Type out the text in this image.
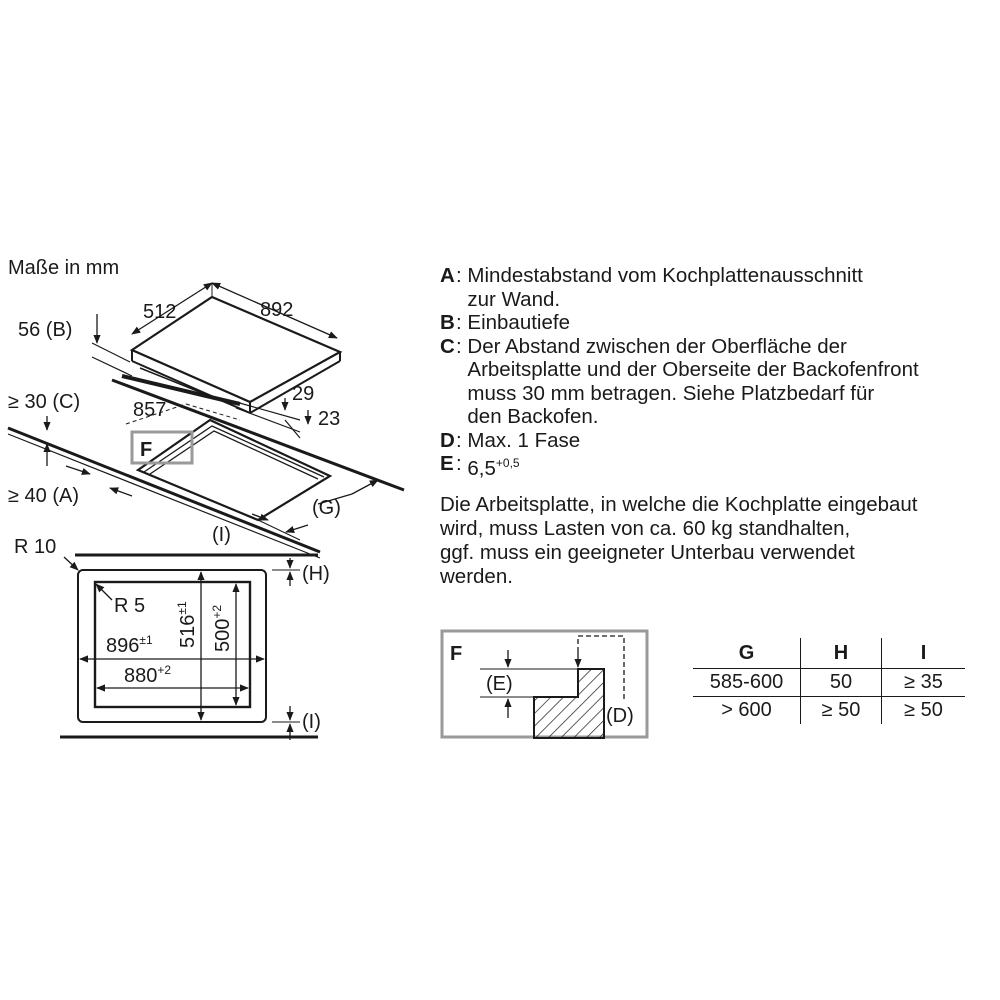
Maße in mm
512	892
56 (B)
≥ 30 (C)	857
29
23
F
≥ 40 (A)
(G)
(I)
R 10
R 5
(H)
(I)
$896^{\pm 1}$
$880^{+2}$
$516^{\pm 1}$
$500^{+2}$
F
(E)
(D)
A : Mindestabstand vom Kochplattenausschnitt
zur Wand.
B : Einbautiefe
C : Der Abstand zwischen der Oberfläche der
Arbeitsplatte und der Oberseite der Backofenfront
muss 30 mm betragen. Siehe Platzbedarf für
den Backofen.
D : Max. 1 Fase
E : $6,5^{+0,5}$
Die Arbeitsplatte, in welche die Kochplatte eingebaut
wird, muss Lasten von ca. 60 kg standhalten,
ggf. muss ein geeigneter Unterbau verwendet
werden.
G	H	I
585-600	50	≥ 35
> 600	≥ 50	≥ 50
